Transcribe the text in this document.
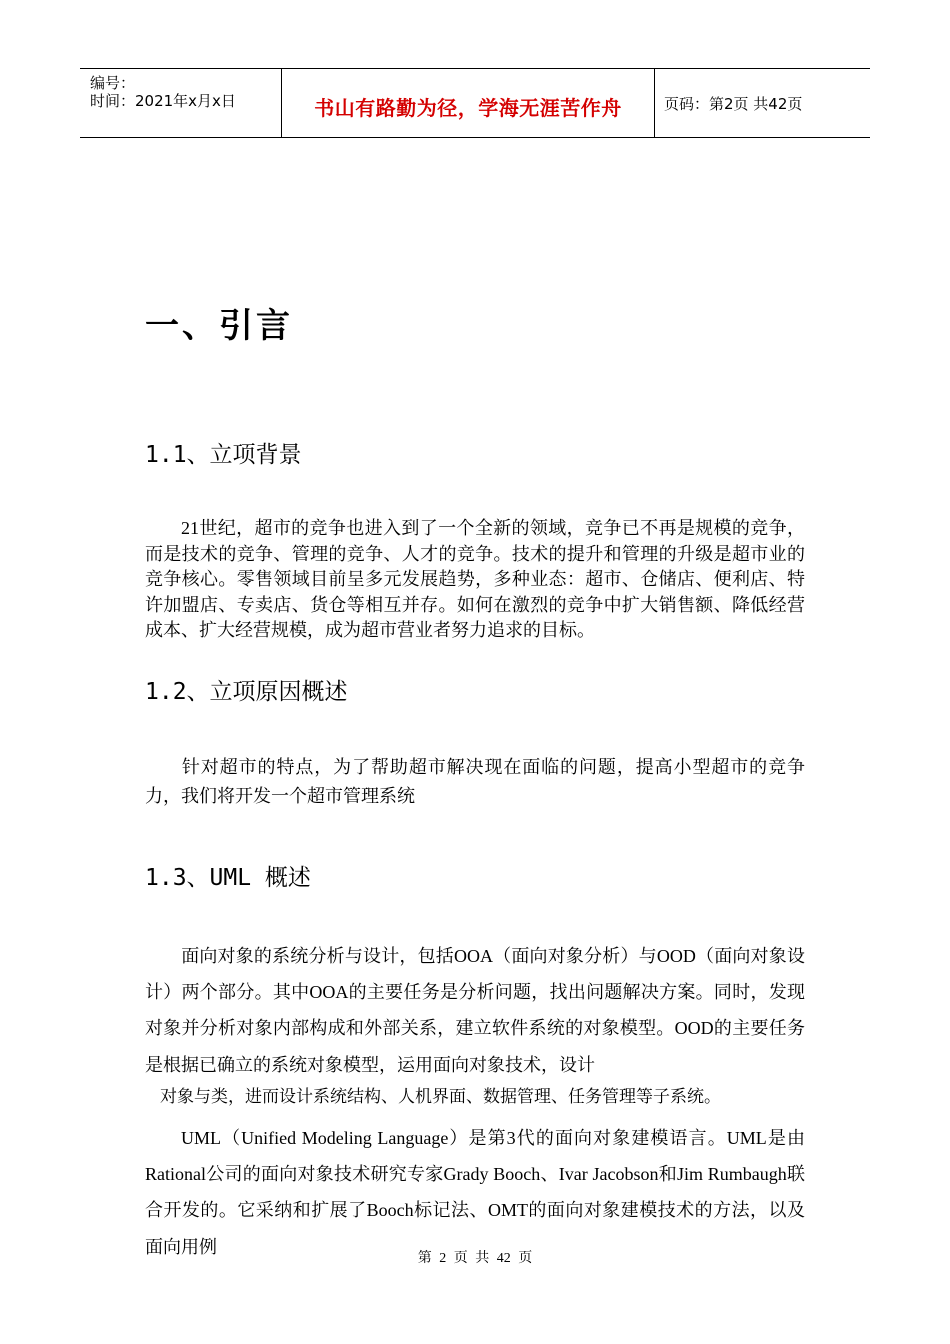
编号：
时间：2021年x月x日	书山有路勤为径，学海无涯苦作舟	页码：第2页 共42页
一、引言
1.1、立项背景
21世纪，超市的竞争也进入到了一个全新的领域，竞争已不再是规模的竞争，而是技术的竞争、管理的竞争、人才的竞争。技术的提升和管理的升级是超市业的竞争核心。零售领域目前呈多元发展趋势，多种业态：超市、仓储店、便利店、特许加盟店、专卖店、货仓等相互并存。如何在激烈的竞争中扩大销售额、降低经营成本、扩大经营规模，成为超市营业者努力追求的目标。
1.2、立项原因概述
针对超市的特点，为了帮助超市解决现在面临的问题，提高小型超市的竞争力，我们将开发一个超市管理系统
1.3、UML 概述
面向对象的系统分析与设计，包括OOA（面向对象分析）与OOD（面向对象设计）两个部分。其中OOA的主要任务是分析问题，找出问题解决方案。同时，发现对象并分析对象内部构成和外部关系，建立软件系统的对象模型。OOD的主要任务是根据已确立的系统对象模型，运用面向对象技术，设计
对象与类，进而设计系统结构、人机界面、数据管理、任务管理等子系统。
UML（Unified Modeling Language）是第3代的面向对象建模语言。UML是由Rational公司的面向对象技术研究专家Grady Booch、Ivar Jacobson和Jim Rumbaugh联合开发的。它采纳和扩展了Booch标记法、OMT的面向对象建模技术的方法，以及面向用例
第 2 页 共 42 页
